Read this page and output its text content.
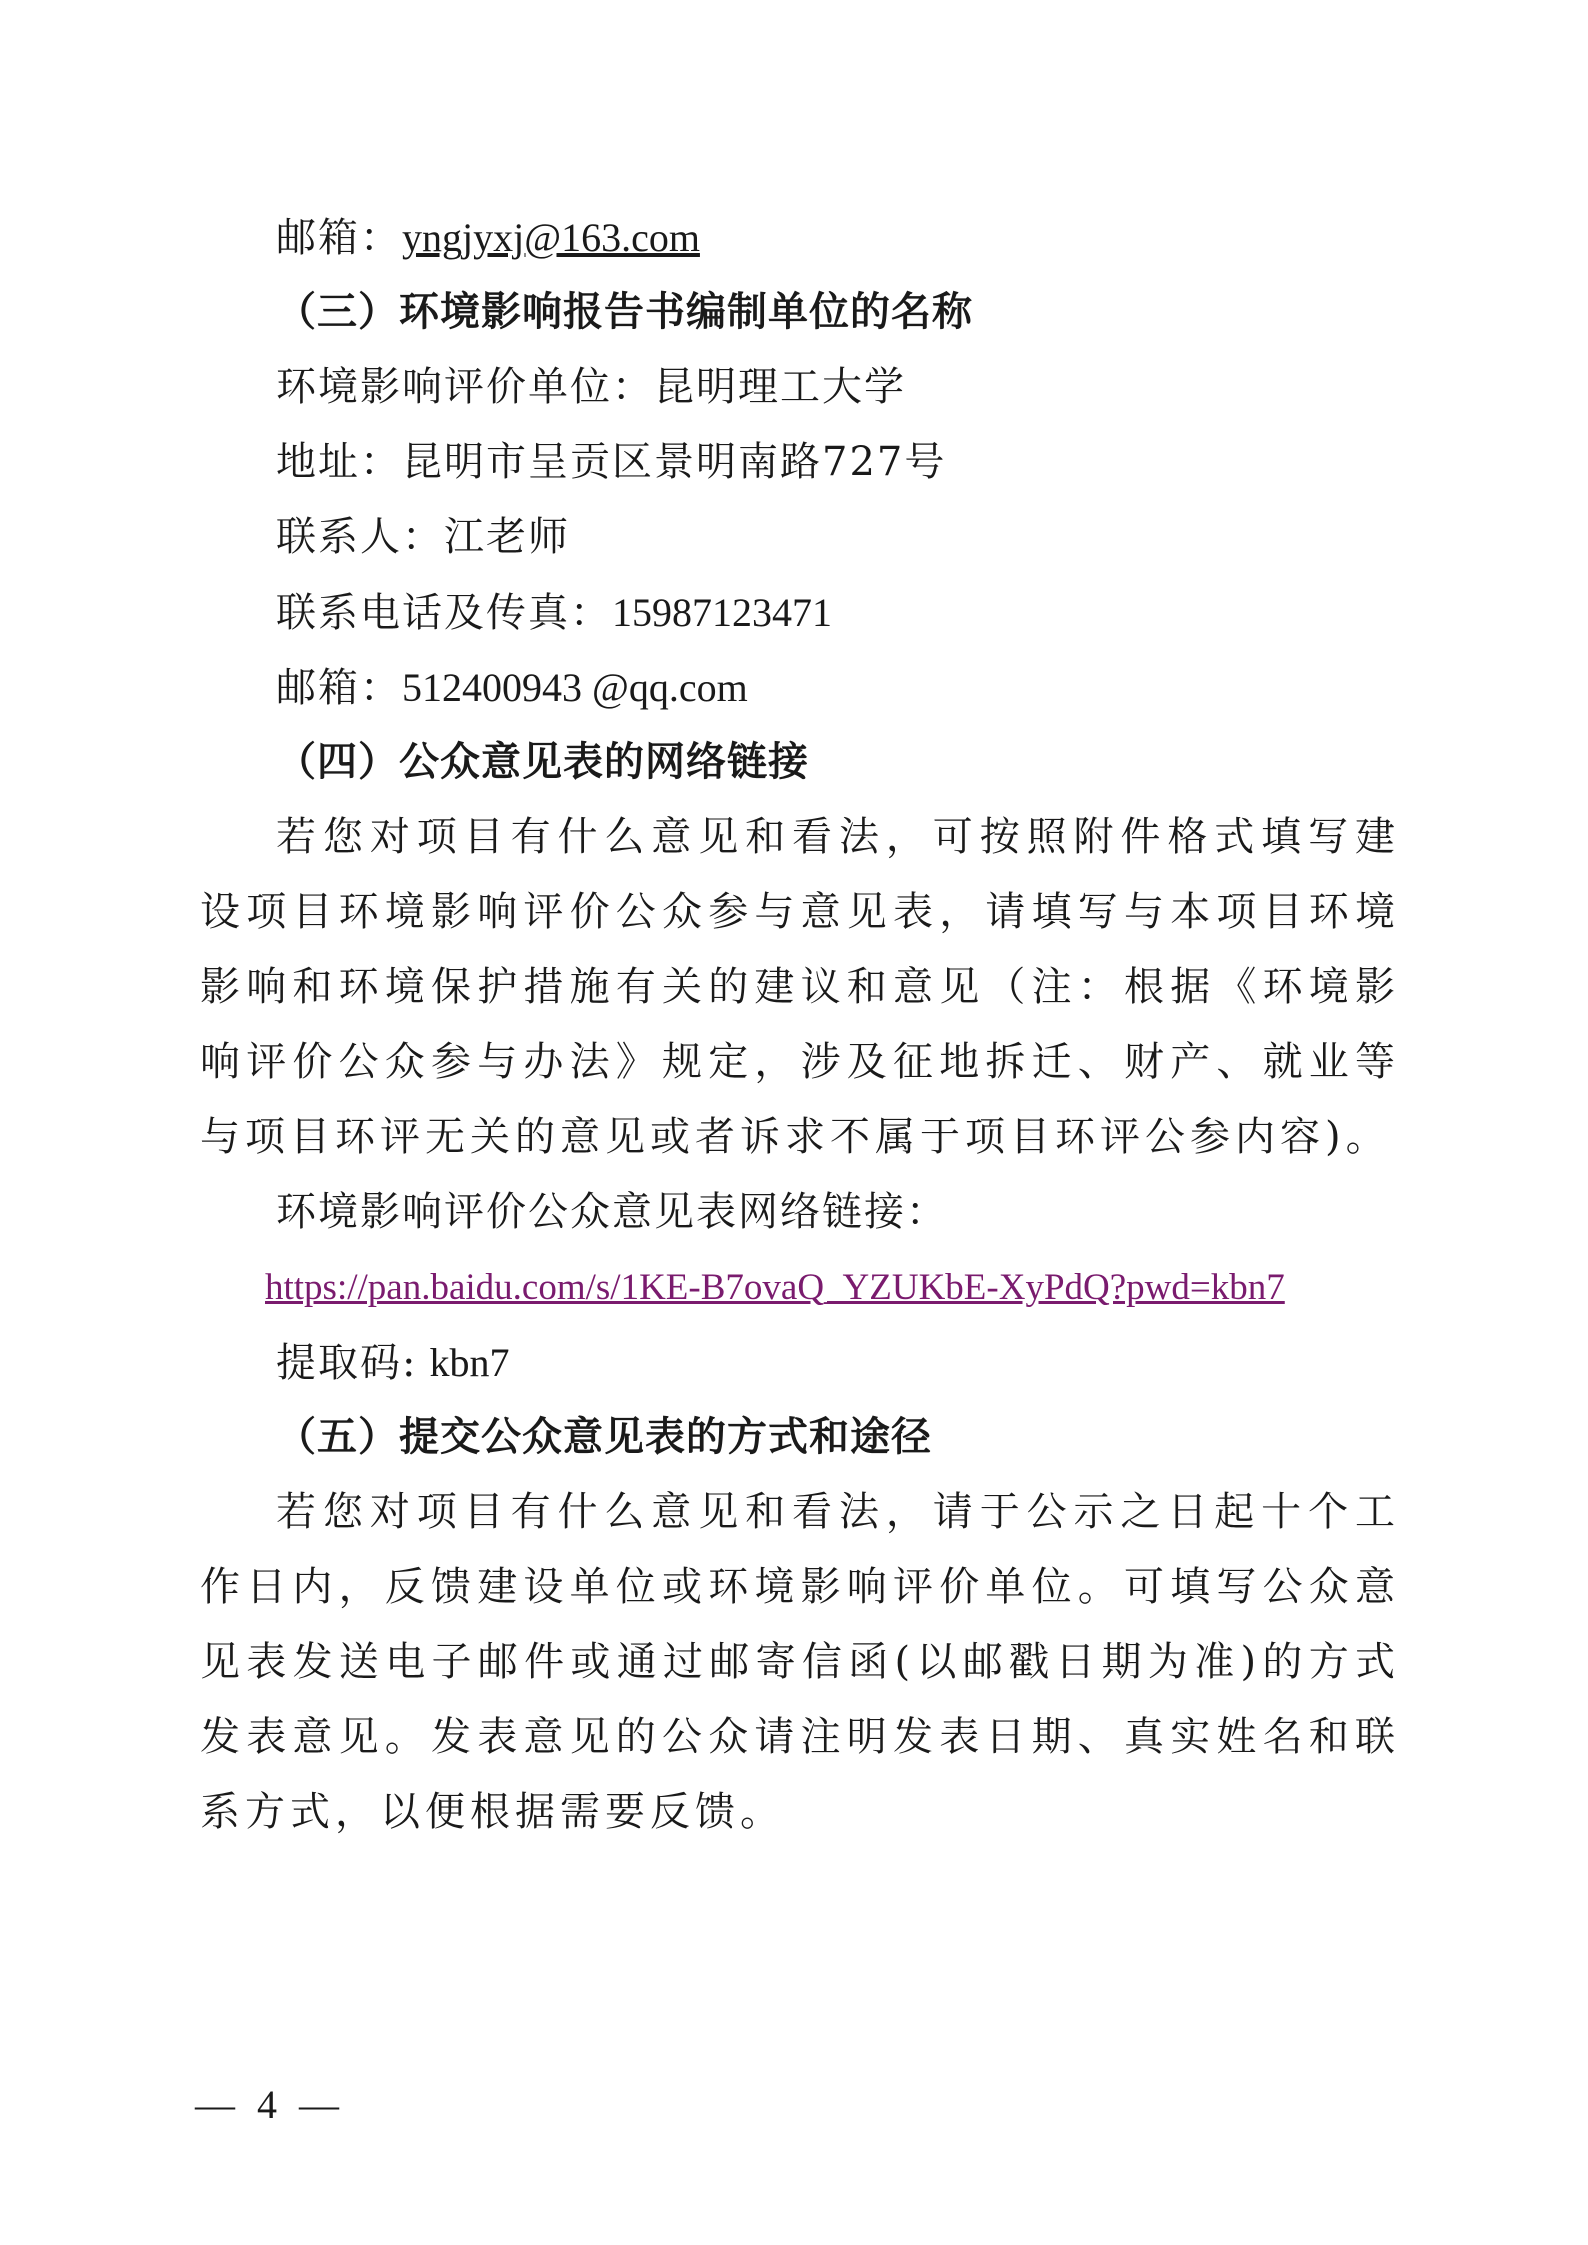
邮箱：yngjyxj@163.com
（三）环境影响报告书编制单位的名称
环境影响评价单位：昆明理工大学
地址：昆明市呈贡区景明南路727号
联系人：江老师
联系电话及传真：15987123471
邮箱：512400943 @qq.com
（四）公众意见表的网络链接
若您对项目有什么意见和看法，可按照附件格式填写建设项目环境影响评价公众参与意见表，请填写与本项目环境影响和环境保护措施有关的建议和意见（注：根据《环境影响评价公众参与办法》规定，涉及征地拆迁、财产、就业等与项目环评无关的意见或者诉求不属于项目环评公参内容)。
环境影响评价公众意见表网络链接：
https://pan.baidu.com/s/1KE-B7ovaQ_YZUKbE-XyPdQ?pwd=kbn7
提取码: kbn7
（五）提交公众意见表的方式和途径
若您对项目有什么意见和看法，请于公示之日起十个工作日内，反馈建设单位或环境影响评价单位。可填写公众意见表发送电子邮件或通过邮寄信函(以邮戳日期为准)的方式发表意见。发表意见的公众请注明发表日期、真实姓名和联系方式，以便根据需要反馈。
— 4 —
